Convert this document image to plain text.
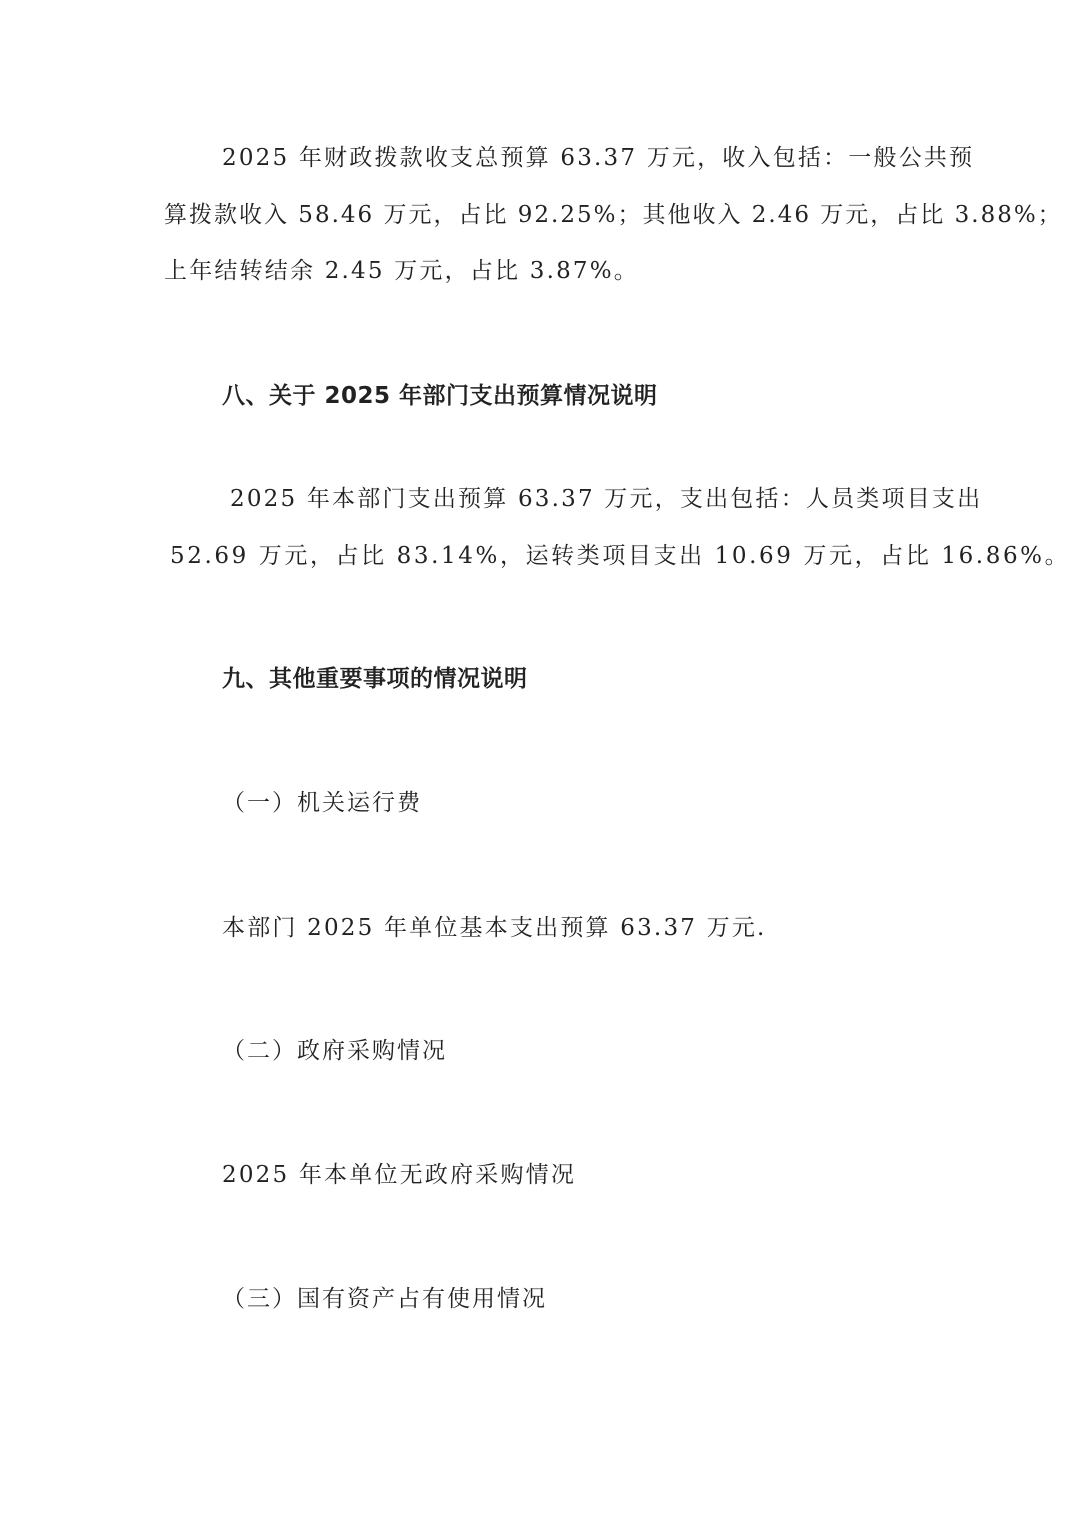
2025 年财政拨款收支总预算 63.37 万元，收入包括：一般公共预
算拨款收入 58.46 万元，占比 92.25%；其他收入 2.46 万元，占比 3.88%；
上年结转结余 2.45 万元，占比 3.87%。
八、关于 2025 年部门支出预算情况说明
2025 年本部门支出预算 63.37 万元，支出包括：人员类项目支出
52.69 万元，占比 83.14%，运转类项目支出 10.69 万元，占比 16.86%。
九、其他重要事项的情况说明
（一）机关运行费
本部门 2025 年单位基本支出预算 63.37 万元.
（二）政府采购情况
2025 年本单位无政府采购情况
（三）国有资产占有使用情况
